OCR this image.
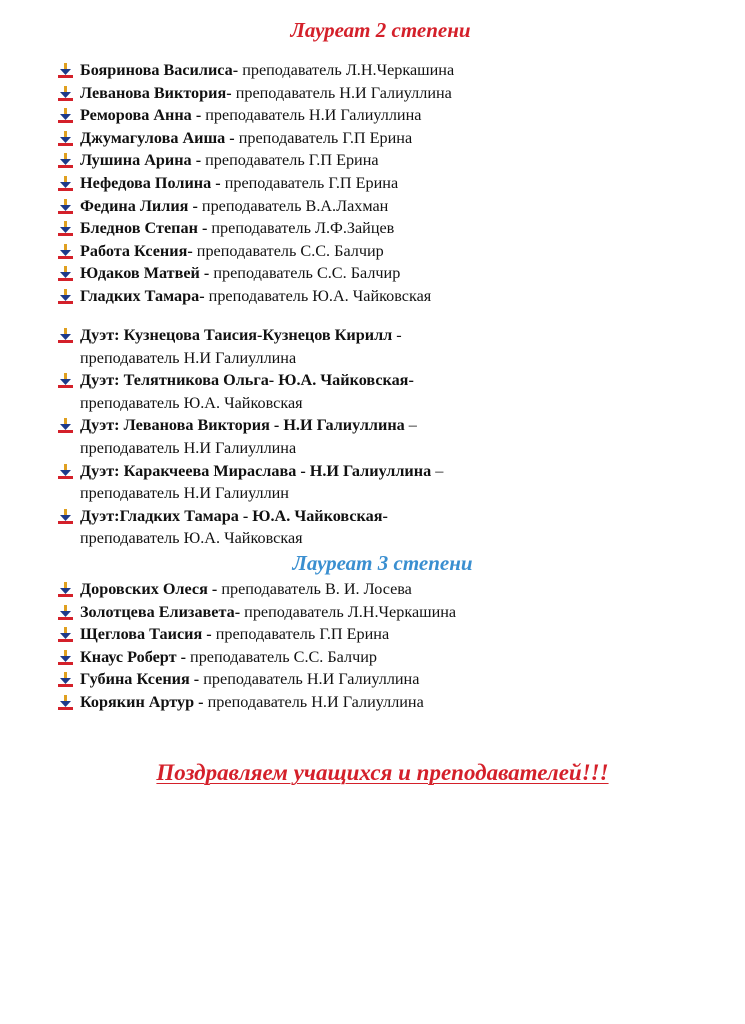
Лауреат 2 степени
Бояринова Василиса- преподаватель Л.Н.Черкашина
Леванова Виктория- преподаватель Н.И Галиуллина
Реморова Анна - преподаватель Н.И Галиуллина
Джумагулова Аиша - преподаватель Г.П Ерина
Лушина Арина - преподаватель Г.П Ерина
Нефедова Полина - преподаватель Г.П Ерина
Федина Лилия - преподаватель В.А.Лахман
Бледнов Степан - преподаватель Л.Ф.Зайцев
Работа Ксения- преподаватель С.С. Балчир
Юдаков Матвей - преподаватель С.С. Балчир
Гладких Тамара- преподаватель Ю.А. Чайковская
Дуэт: Кузнецова Таисия-Кузнецов Кирилл -
преподаватель Н.И Галиуллина
Дуэт: Телятникова Ольга- Ю.А. Чайковская-
преподаватель Ю.А. Чайковская
Дуэт: Леванова Виктория - Н.И Галиуллина –
преподаватель Н.И Галиуллина
Дуэт: Каракчеева Мираслава - Н.И Галиуллина –
преподаватель Н.И Галиуллин
Дуэт:Гладких Тамара - Ю.А. Чайковская-
преподаватель Ю.А. Чайковская
Лауреат 3 степени
Доровских Олеся - преподаватель В. И. Лосева
Золотцева Елизавета- преподаватель Л.Н.Черкашина
Щеглова Таисия - преподаватель Г.П Ерина
Кнаус Роберт - преподаватель С.С. Балчир
Губина Ксения - преподаватель Н.И Галиуллина
Корякин Артур - преподаватель Н.И Галиуллина
Поздравляем учащихся и преподавателей!!!
